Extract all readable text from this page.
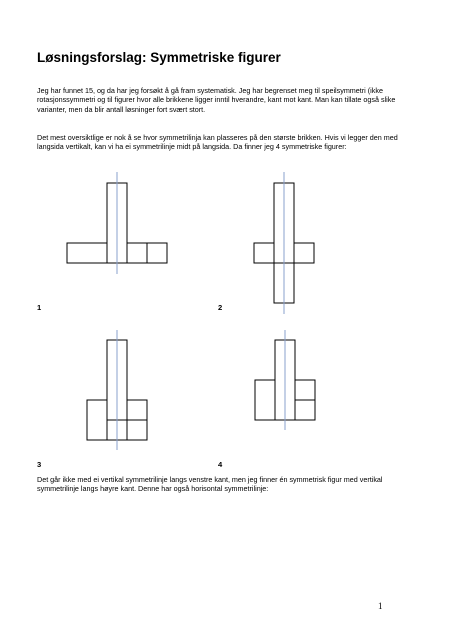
Løsningsforslag: Symmetriske figurer

Jeg har funnet 15, og da har jeg forsøkt å gå fram systematisk. Jeg har begrenset meg til speilsymmetri (ikke rotasjonssymmetri og til figurer hvor alle brikkene ligger inntil hverandre, kant mot kant. Man kan tillate også slike varianter, men da blir antall løsninger fort svært stort.

Det mest oversiktlige er nok å se hvor symmetrilinja kan plasseres på den største brikken. Hvis vi legger den med langsida vertikalt, kan vi ha ei symmetrilinje midt på langsida. Da finner jeg 4 symmetriske figurer:

1	2
3	4

Det går ikke med ei vertikal symmetrilinje langs venstre kant, men jeg finner én symmetrisk figur med vertikal symmetrilinje langs høyre kant. Denne har også horisontal symmetrilinje:

1
